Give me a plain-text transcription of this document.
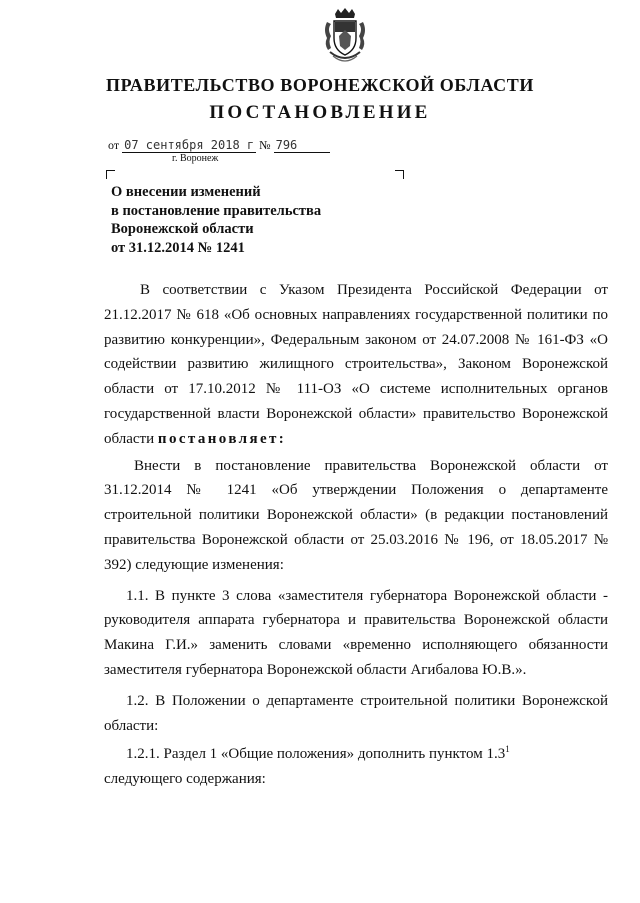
ПРАВИТЕЛЬСТВО ВОРОНЕЖСКОЙ ОБЛАСТИ
ПОСТАНОВЛЕНИЕ
от 07 сентября 2018 г № 796
г. Воронеж
О внесении изменений
в постановление правительства
Воронежской области
от 31.12.2014 № 1241

В соответствии с Указом Президента Российской Федерации от 21.12.2017 № 618 «Об основных направлениях государственной политики по развитию конкуренции», Федеральным законом от 24.07.2008 № 161-ФЗ «О содействии развитию жилищного строительства», Законом Воронежской области от 17.10.2012 № 111-ОЗ «О системе исполнительных органов государственной власти Воронежской области» правительство Воронежской области постановляет:

Внести в постановление правительства Воронежской области от 31.12.2014 № 1241 «Об утверждении Положения о департаменте строительной политики Воронежской области» (в редакции постановлений правительства Воронежской области от 25.03.2016 № 196, от 18.05.2017 № 392) следующие изменения:

1.1. В пункте 3 слова «заместителя губернатора Воронежской области - руководителя аппарата губернатора и правительства Воронежской области Макина Г.И.» заменить словами «временно исполняющего обязанности заместителя губернатора Воронежской области Агибалова Ю.В.».

1.2. В Положении о департаменте строительной политики Воронежской области:

1.2.1. Раздел 1 «Общие положения» дополнить пунктом $1.3^1$
следующего содержания:
